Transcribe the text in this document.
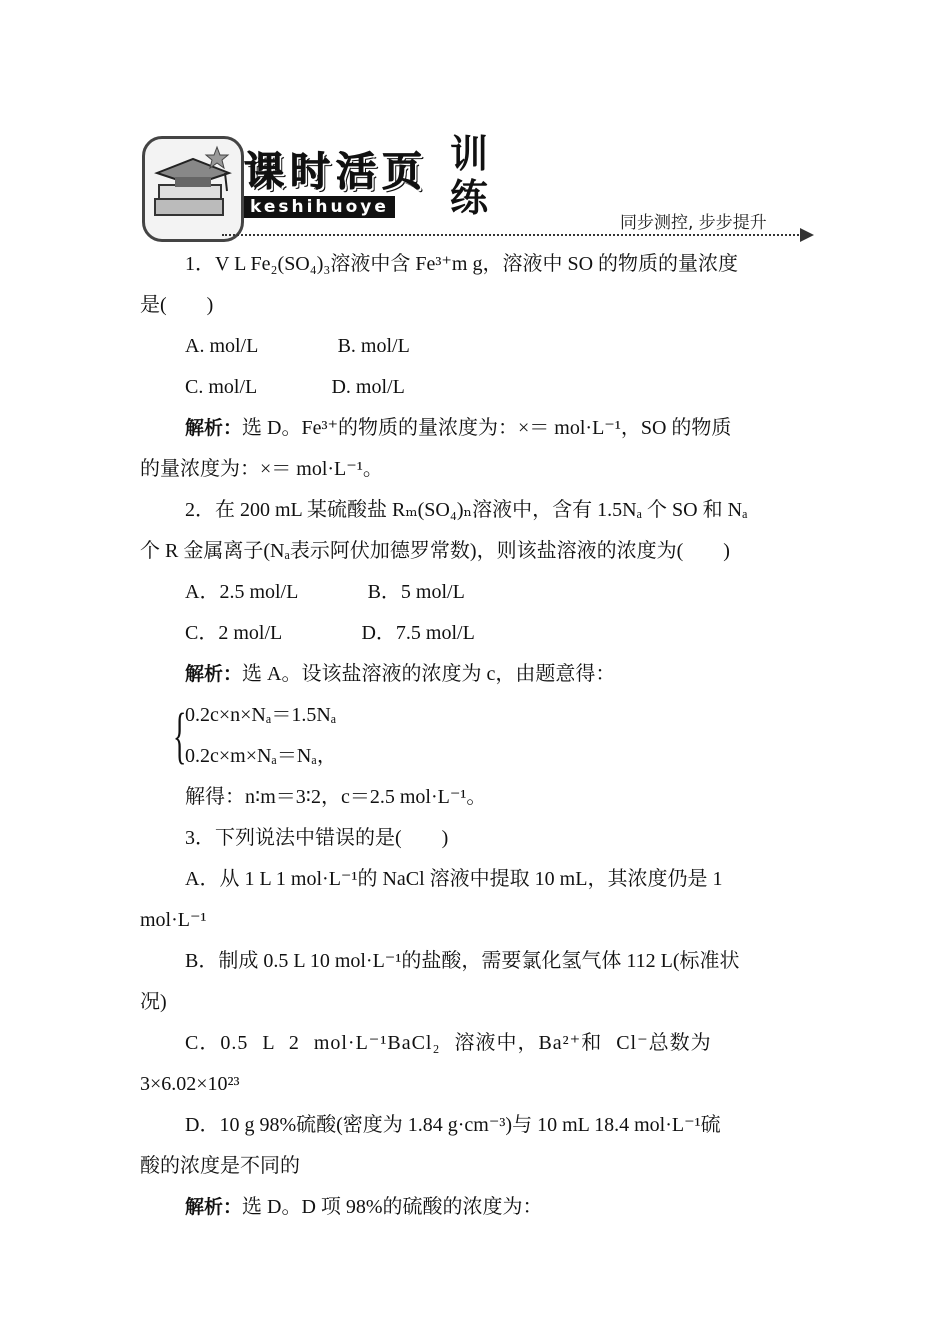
课时活页
keshihuoye
训练
同步测控, 步步提升

1．V L Fe₂(SO₄)₃溶液中含 Fe³⁺m g，溶液中 SO 的物质的量浓度

是(　　)

A. mol/L                B. mol/L

C. mol/L               D. mol/L

解析：选 D。Fe³⁺的物质的量浓度为：×＝ mol·L⁻¹，SO 的物质

的量浓度为：×＝ mol·L⁻¹。

2．在 200 mL 某硫酸盐 Rₘ(SO₄)ₙ溶液中，含有 1.5Nₐ 个 SO 和 Nₐ

个 R 金属离子(Nₐ表示阿伏加德罗常数)，则该盐溶液的浓度为(　　)

A．2.5 mol/L              B．5 mol/L

C．2 mol/L                D．7.5 mol/L

解析：选 A。设该盐溶液的浓度为 c，由题意得：

{

0.2c×n×Nₐ＝1.5Nₐ

0.2c×m×Nₐ＝Nₐ，

解得：n∶m＝3∶2，c＝2.5 mol·L⁻¹。

3．下列说法中错误的是(　　)

A．从 1 L 1 mol·L⁻¹的 NaCl 溶液中提取 10 mL，其浓度仍是 1

mol·L⁻¹

B．制成 0.5 L 10 mol·L⁻¹的盐酸，需要氯化氢气体 112 L(标准状

况)

C．0.5 L 2 mol·L⁻¹BaCl₂ 溶液中，Ba²⁺和 Cl⁻总数为

3×6.02×10²³

D．10 g 98%硫酸(密度为 1.84 g·cm⁻³)与 10 mL 18.4 mol·L⁻¹硫

酸的浓度是不同的

解析：选 D。D 项 98%的硫酸的浓度为：
